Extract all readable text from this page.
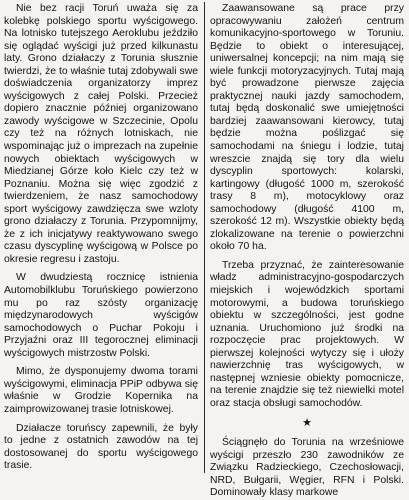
Nie bez racji Toruń uważa się za kolebkę polskiego sportu wyścigowego. Na lotnisko tutejszego Aeroklubu jeździło się oglądać wyścigi już przed kilkunastu laty. Grono działaczy z Torunia słusznie twierdzi, że to właśnie tutaj zdobywali swe doświadczenia organizatorzy imprez wyścigowych z całej Polski. Przecież dopiero znacznie później organizowano zawody wyścigowe w Szczecinie, Opolu czy też na różnych lotniskach, nie wspominając już o imprezach na zupełnie nowych obiektach wyścigowych w Miedzianej Górze koło Kielc czy też w Poznaniu. Można się więc zgodzić z twierdzeniem, że nasz samochodowy sport wyścigowy zawdzięcza swe wzloty grono działaczy z Torunia. Przypomnijmy, że z ich inicjatywy reaktywowano swego czasu dyscyplinę wyścigową w Polsce po okresie regresu i zastoju.

W dwudziestą rocznicę istnienia Automobilklubu Toruńskiego powierzono mu po raz szósty organizację międzynarodowych wyścigów samochodowych o Puchar Pokoju i Przyjaźni oraz III tegorocznej eliminacji wyścigowych mistrzostw Polski.

Mimo, że dysponujemy dwoma torami wyścigowymi, eliminacja PPiP odbywa się właśnie w Grodzie Kopernika na zaimprowizowanej trasie lotniskowej.

Działacze toruńscy zapewnili, że były to jedne z ostatnich zawodów na tej dostosowanej do sportu wyścigowego trasie.

Zaawansowane są prace przy opracowywaniu założeń centrum komunikacyjno-sportowego w Toruniu. Będzie to obiekt o interesującej, uniwersalnej koncepcji; na nim mają się wiele funkcji motoryzacyjnych. Tutaj mają być prowadzone pierwsze zajęcia praktycznej nauki jazdy samochodem, tutaj będą doskonalić swe umiejętności bardziej zaawansowani kierowcy, tutaj będzie można poślizgać się samochodami na śniegu i lodzie, tutaj wreszcie znajdą się tory dla wielu dyscyplin sportowych: kolarski, kartingowy (długość 1000 m, szerokość trasy 8 m), motocyklowy oraz samochodowy (długość 4100 m, szerokość 12 m). Wszystkie obiekty będą zlokalizowane na terenie o powierzchni około 70 ha.

Trzeba przyznać, że zainteresowanie władz administracyjno-gospodarczych miejskich i wojewódzkich sportami motorowymi, a budowa toruńskiego obiektu w szczególności, jest godne uznania. Uruchomiono już środki na rozpoczęcie prac projektowych. W pierwszej kolejności wytyczy się i ułoży nawierzchnię tras wyścigowych, w następnej wzniesie obiekty pomocnicze, na terenie znajdzie się też niewielki motel oraz stacja obsługi samochodów.

★

Ściągnęło do Torunia na wrześniowe wyścigi przeszło 230 zawodników ze Związku Radzieckiego, Czechosłowacji, NRD, Bułgarii, Węgier, RFN i Polski. Dominowały klasy markowe
